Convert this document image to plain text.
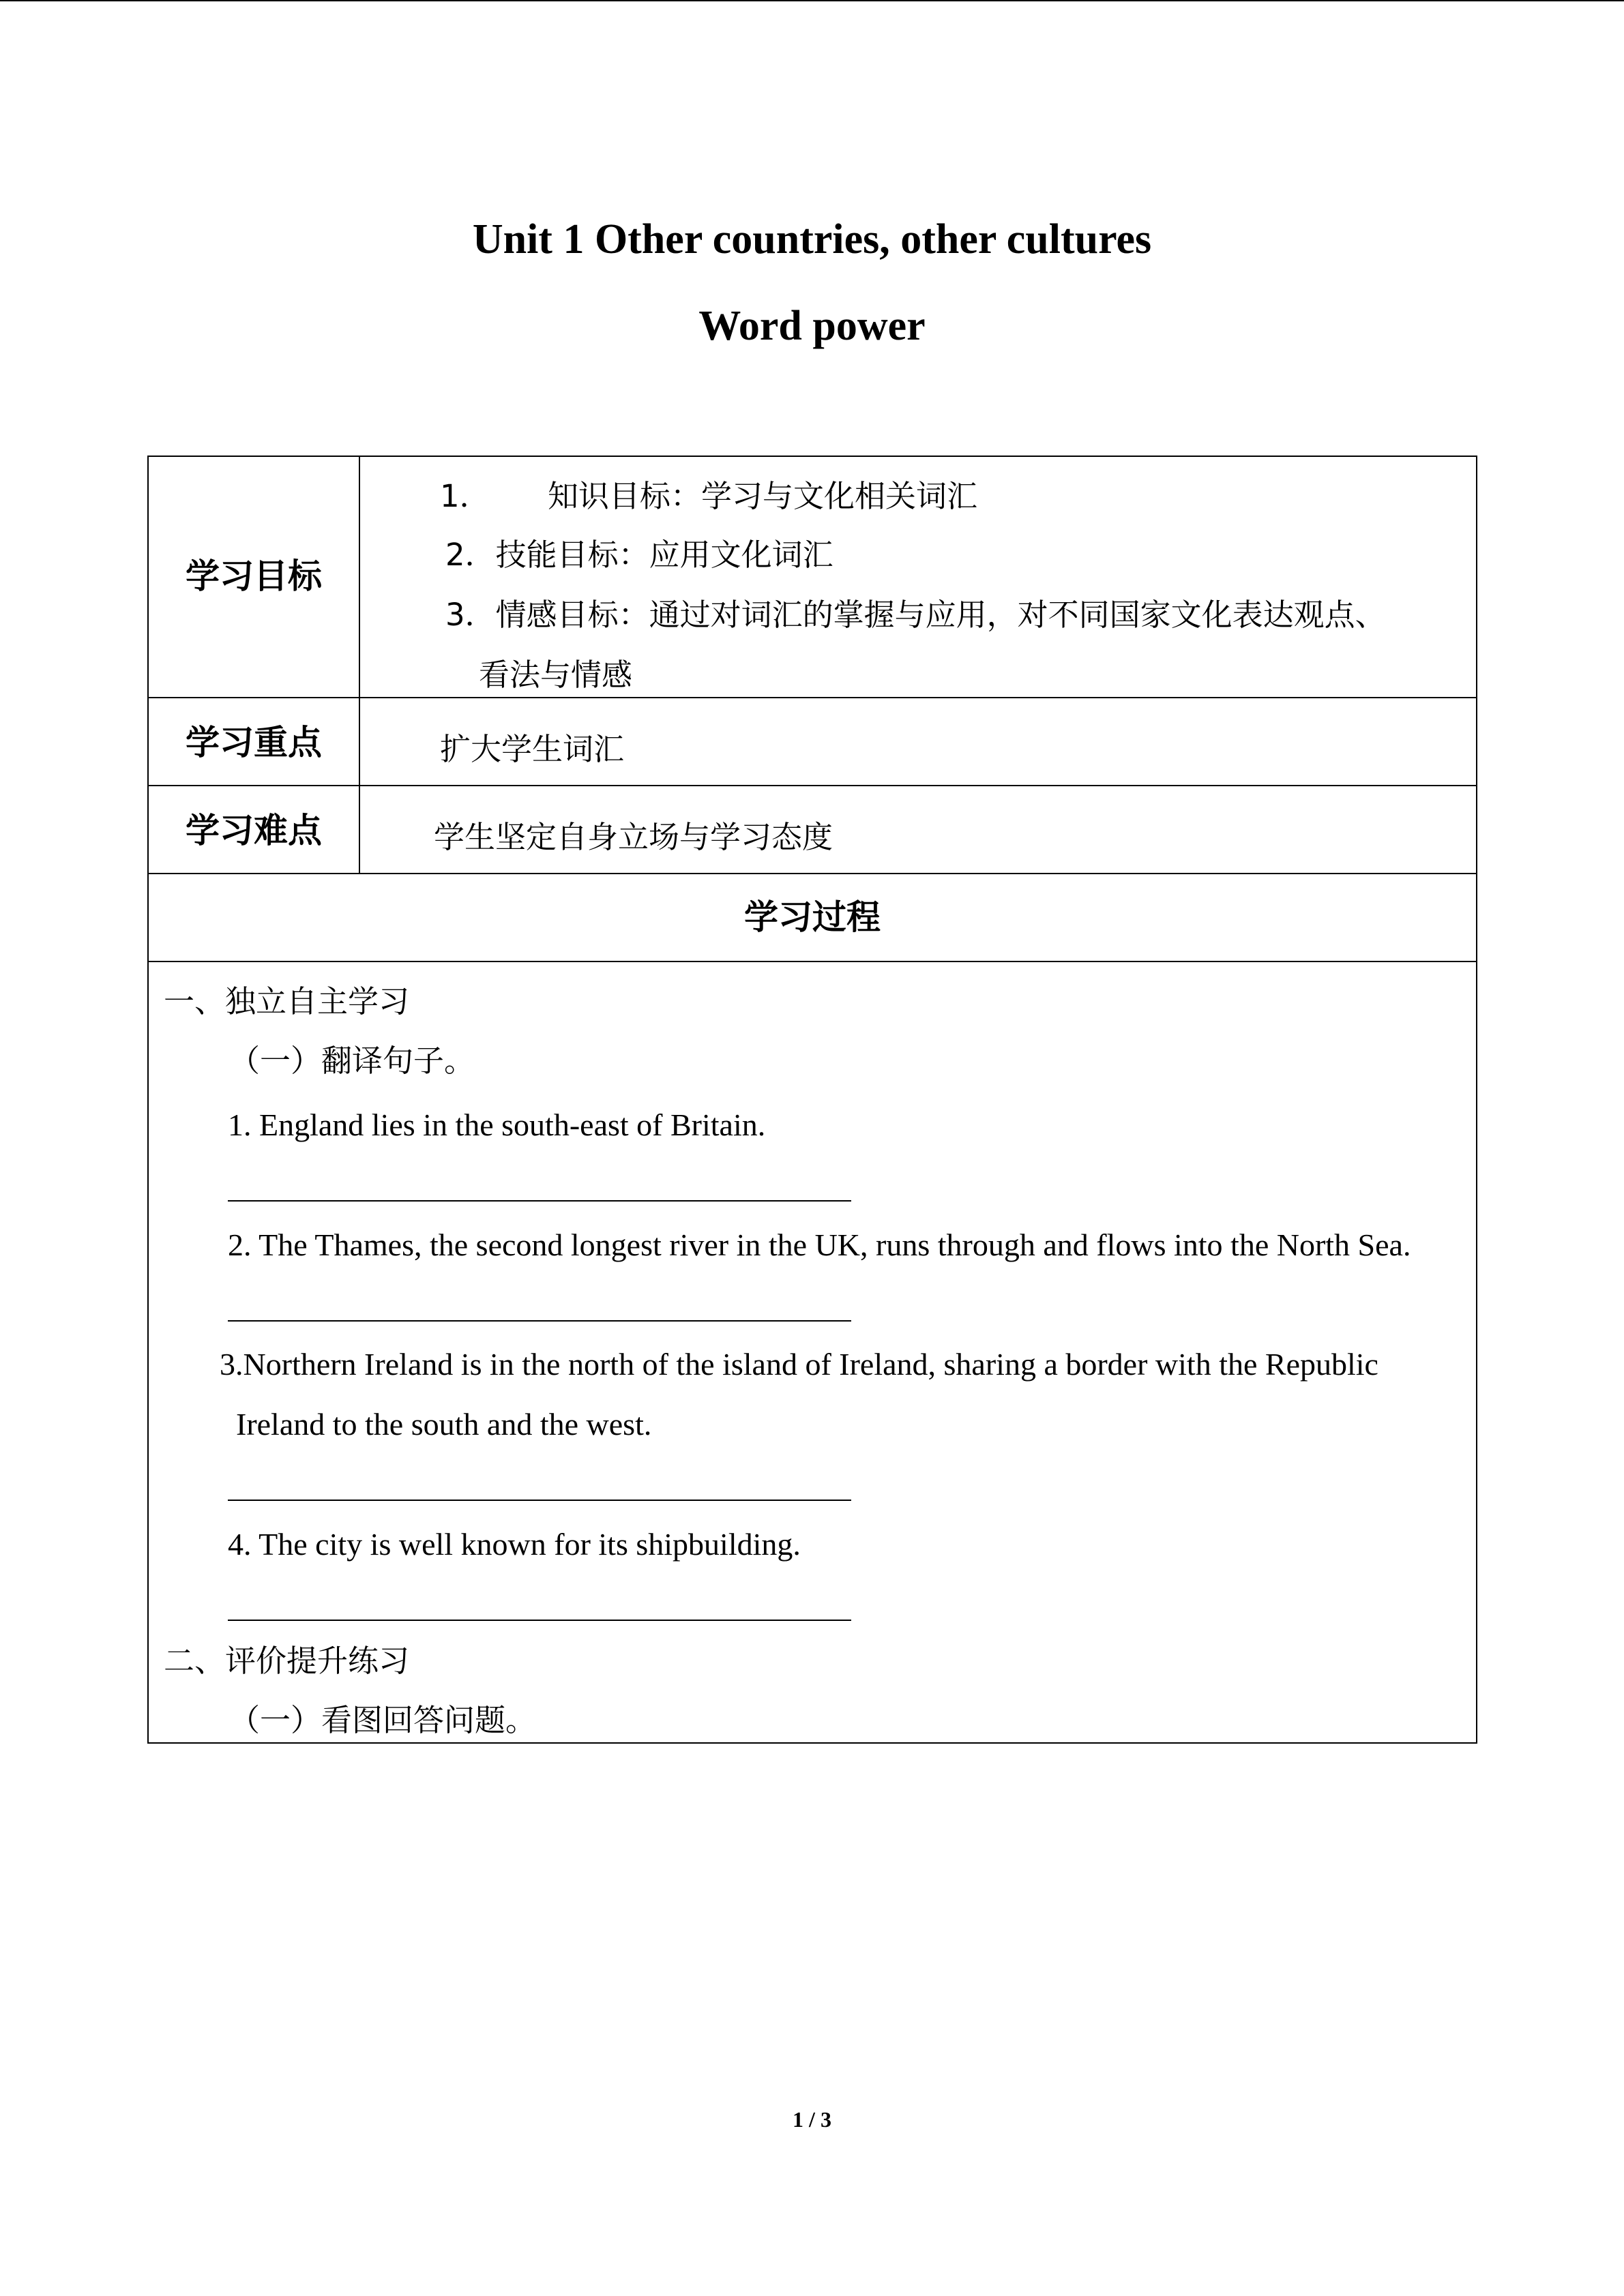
Unit 1 Other countries, other cultures
Word power
学习目标
1． 知识目标：学习与文化相关词汇
2．技能目标：应用文化词汇
3．情感目标：通过对词汇的掌握与应用，对不同国家文化表达观点、
看法与情感
学习重点	扩大学生词汇
学习难点	学生坚定自身立场与学习态度
学习过程
一、独立自主学习
（一）翻译句子。
1. England lies in the south-east of Britain.
2. The Thames, the second longest river in the UK, runs through and flows into the North Sea.
3.Northern Ireland is in the north of the island of Ireland, sharing a border with the Republic
Ireland to the south and the west.
4. The city is well known for its shipbuilding.
二、评价提升练习
（一）看图回答问题。
1 / 3
